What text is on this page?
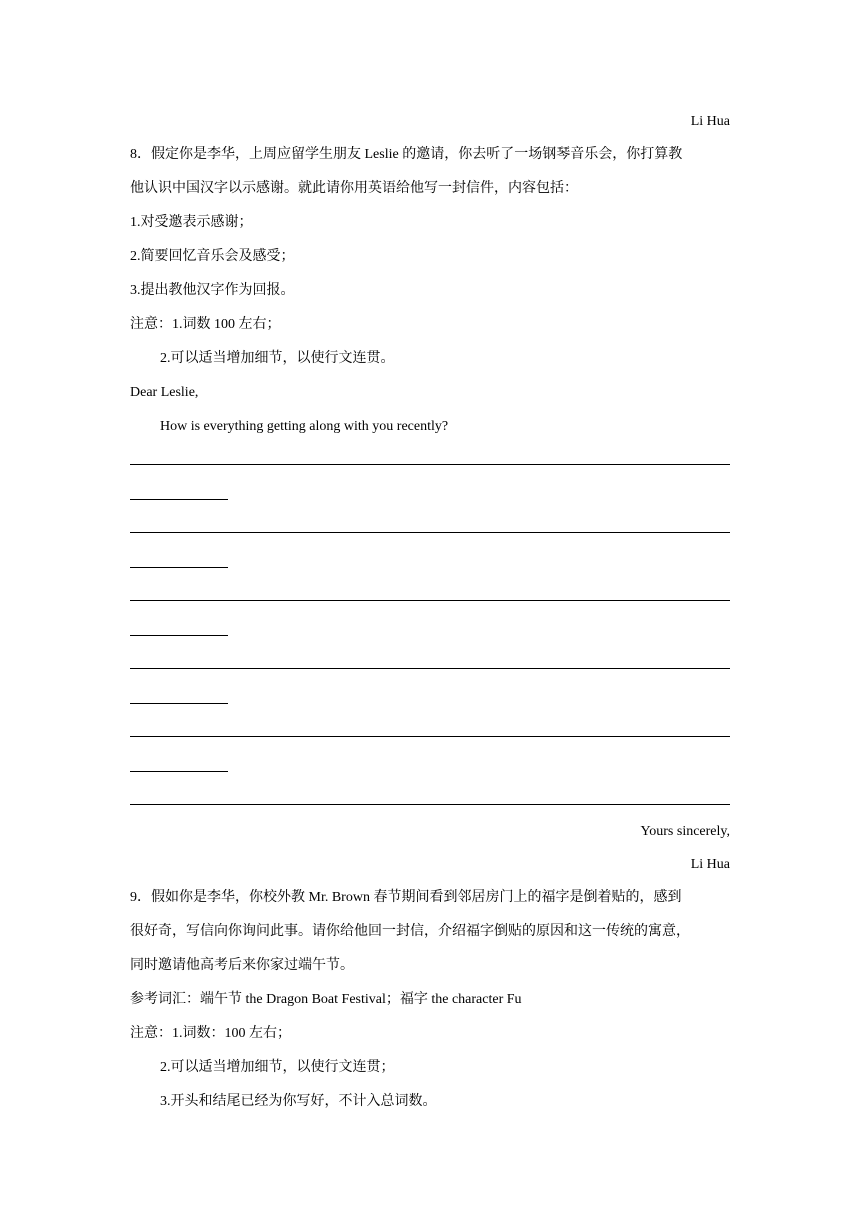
Li Hua
8．假定你是李华，上周应留学生朋友 Leslie 的邀请，你去听了一场钢琴音乐会，你打算教
他认识中国汉字以示感谢。就此请你用英语给他写一封信件，内容包括：
1.对受邀表示感谢；
2.简要回忆音乐会及感受；
3.提出教他汉字作为回报。
注意：1.词数 100 左右；
2.可以适当增加细节，以使行文连贯。
Dear Leslie,
How is everything getting along with you recently?
Yours sincerely,
Li Hua
9．假如你是李华，你校外教 Mr. Brown 春节期间看到邻居房门上的福字是倒着贴的，感到
很好奇，写信向你询问此事。请你给他回一封信，介绍福字倒贴的原因和这一传统的寓意，
同时邀请他高考后来你家过端午节。
参考词汇：端午节 the Dragon Boat Festival；福字 the character Fu
注意：1.词数：100 左右；
2.可以适当增加细节，以使行文连贯；
3.开头和结尾已经为你写好，不计入总词数。
